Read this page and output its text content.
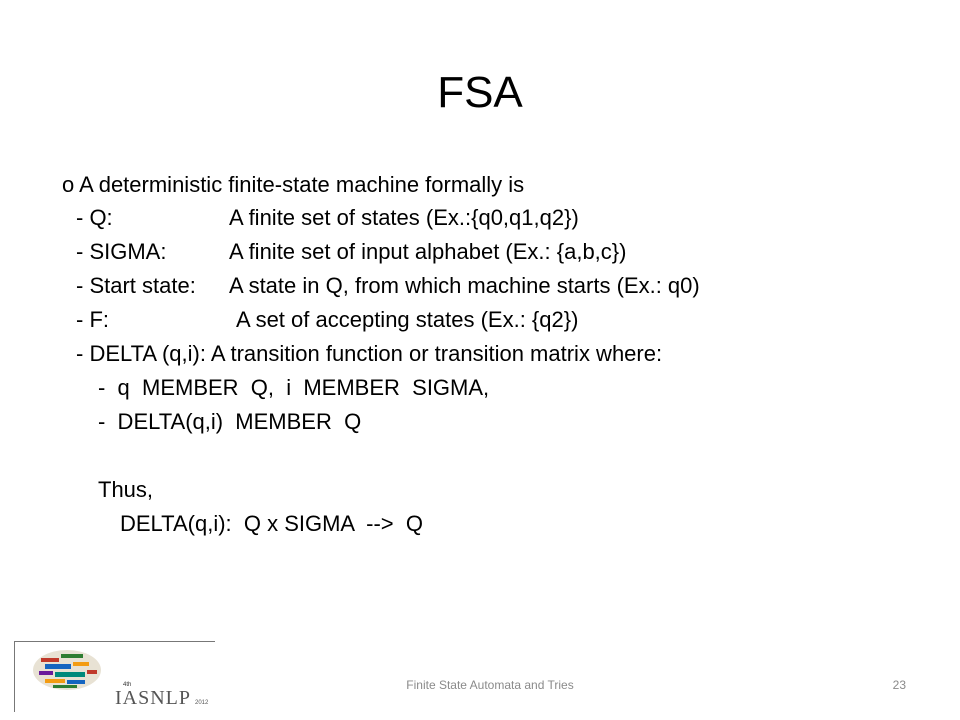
FSA
o A deterministic finite-state machine formally is
- Q:	A finite set of states (Ex.:{q0,q1,q2})
- SIGMA:	A finite set of input alphabet (Ex.: {a,b,c})
- Start state: A state in Q, from which machine starts (Ex.: q0)
- F:	A set of accepting states (Ex.: {q2})
- DELTA (q,i): A transition function or transition matrix where:
-  q  MEMBER  Q,  i  MEMBER  SIGMA,
-  DELTA(q,i)  MEMBER  Q
Thus,
DELTA(q,i):  Q x SIGMA  -->  Q
4th
IASNLP 2012
Finite State Automata and Tries	23
